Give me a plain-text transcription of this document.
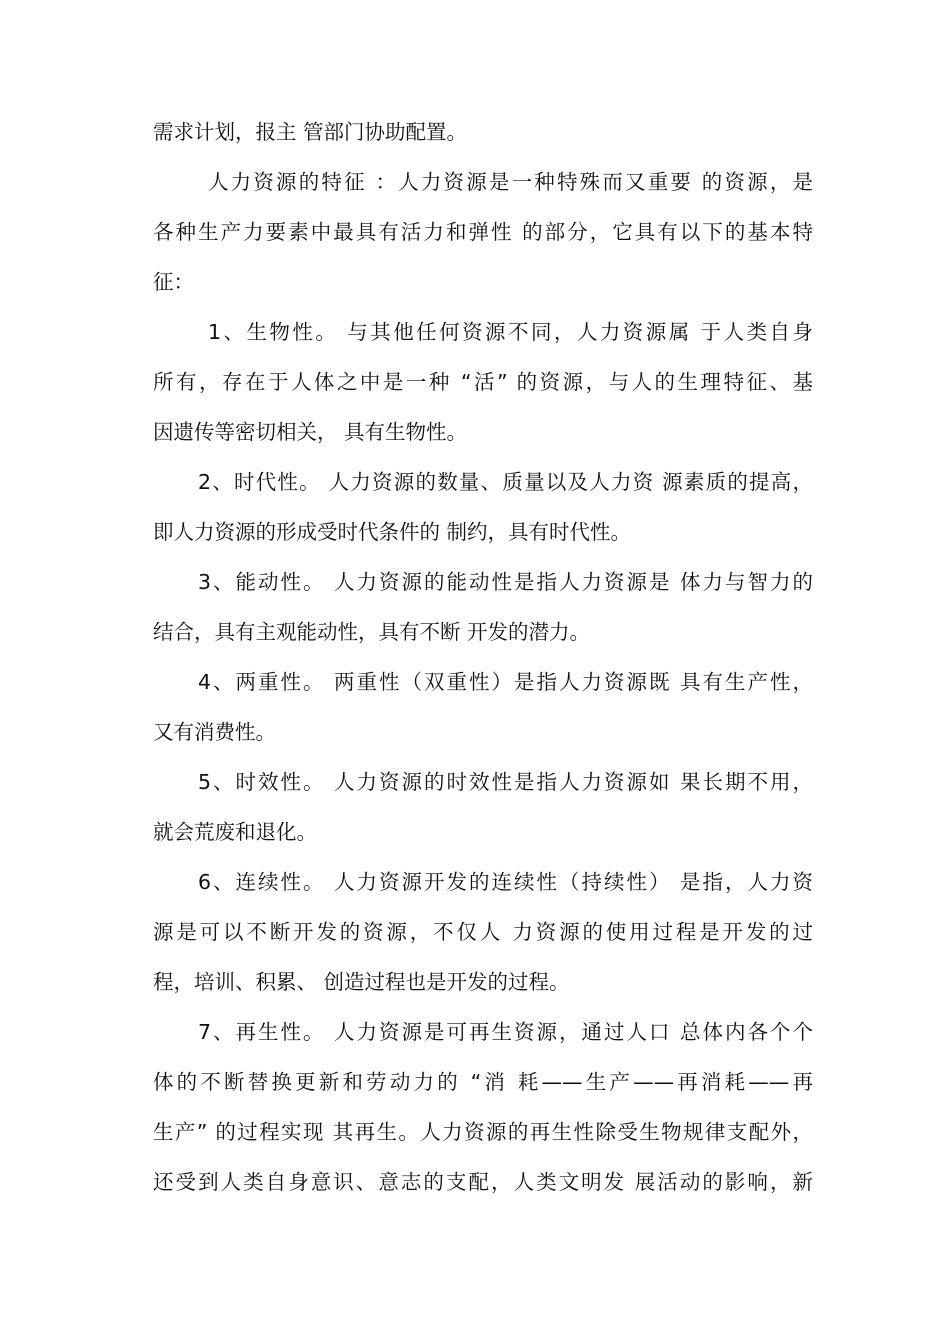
需求计划，报主 管部门协助配置。
人力资源的特征 ：人力资源是一种特殊而又重要 的资源，是
各种生产力要素中最具有活力和弹性 的部分，它具有以下的基本特
征：
1、生物性。 与其他任何资源不同，人力资源属 于人类自身
所有，存在于人体之中是一种 “活” 的资源，与人的生理特征、基
因遗传等密切相关， 具有生物性。
2、时代性。 人力资源的数量、质量以及人力资 源素质的提高，
即人力资源的形成受时代条件的 制约，具有时代性。
3、能动性。 人力资源的能动性是指人力资源是 体力与智力的
结合，具有主观能动性，具有不断 开发的潜力。
4、两重性。 两重性（双重性）是指人力资源既 具有生产性，
又有消费性。
5、时效性。 人力资源的时效性是指人力资源如 果长期不用，
就会荒废和退化。
6、连续性。 人力资源开发的连续性（持续性） 是指，人力资
源是可以不断开发的资源，不仅人 力资源的使用过程是开发的过
程，培训、积累、 创造过程也是开发的过程。
7、再生性。 人力资源是可再生资源，通过人口 总体内各个个
体的不断替换更新和劳动力的 “消 耗——生产——再消耗——再
生产” 的过程实现 其再生。人力资源的再生性除受生物规律支配外，
还受到人类自身意识、意志的支配，人类文明发 展活动的影响，新
